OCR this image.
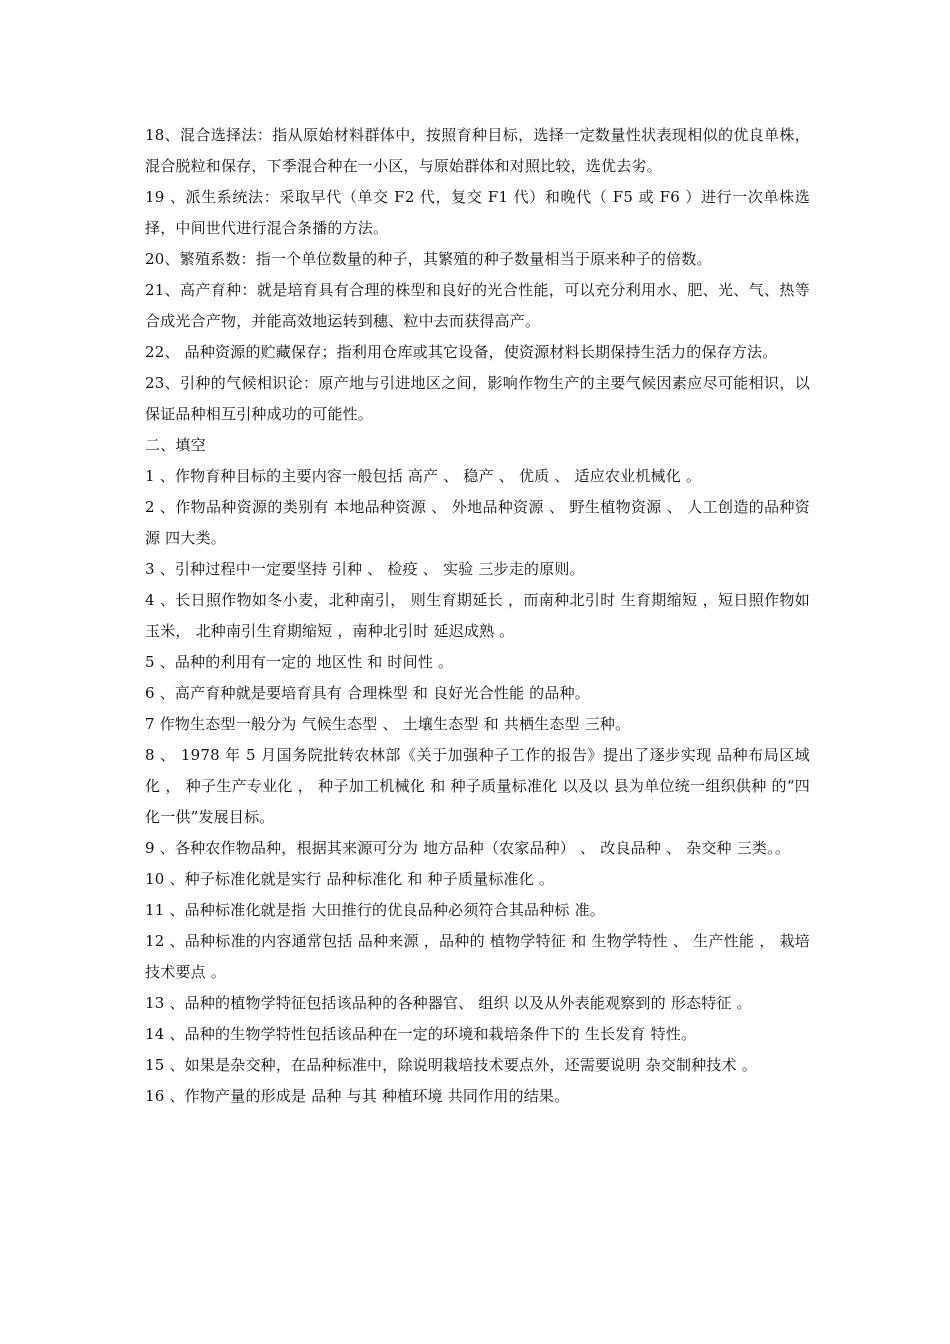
18、混合选择法：指从原始材料群体中，按照育种目标，选择一定数量性状表现相似的优良单株，混合脱粒和保存，下季混合种在一小区，与原始群体和对照比较，选优去劣。

19 、派生系统法：采取早代（单交 F2 代，复交 F1 代）和晚代（ F5 或 F6 ）进行一次单株选择，中间世代进行混合条播的方法。

20、繁殖系数：指一个单位数量的种子，其繁殖的种子数量相当于原来种子的倍数。

21、高产育种：就是培育具有合理的株型和良好的光合性能，可以充分利用水、肥、光、气、热等合成光合产物，并能高效地运转到穗、粒中去而获得高产。

22、 品种资源的贮藏保存；指利用仓库或其它设备，使资源材料长期保持生活力的保存方法。

23、引种的气候相识论：原产地与引进地区之间，影响作物生产的主要气候因素应尽可能相识，以保证品种相互引种成功的可能性。

二、填空

1 、作物育种目标的主要内容一般包括 高产 、 稳产 、 优质 、 适应农业机械化 。

2 、作物品种资源的类别有 本地品种资源 、 外地品种资源 、 野生植物资源 、 人工创造的品种资源 四大类。

3 、引种过程中一定要坚持 引种 、 检疫 、 实验 三步走的原则。

4 、长日照作物如冬小麦，北种南引， 则生育期延长 ，而南种北引时 生育期缩短 ，短日照作物如玉米， 北种南引生育期缩短 ，南种北引时 延迟成熟 。

5 、品种的利用有一定的 地区性 和 时间性 。

6 、高产育种就是要培育具有 合理株型 和 良好光合性能 的品种。

7 作物生态型一般分为 气候生态型 、 土壤生态型 和 共栖生态型 三种。

8 、 1978 年 5 月国务院批转农林部《关于加强种子工作的报告》提出了逐步实现 品种布局区域化 ， 种子生产专业化 ， 种子加工机械化 和 种子质量标准化 以及以 县为单位统一组织供种 的“四化一供”发展目标。

9 、各种农作物品种，根据其来源可分为 地方品种（农家品种） 、 改良品种 、 杂交种 三类。。

10 、种子标准化就是实行 品种标准化 和 种子质量标准化 。

11 、品种标准化就是指 大田推行的优良品种必须符合其品种标 准。

12 、品种标准的内容通常包括 品种来源 ，品种的 植物学特征 和 生物学特性 、 生产性能 ， 栽培技术要点 。

13 、品种的植物学特征包括该品种的各种器官、 组织 以及从外表能观察到的 形态特征 。

14 、品种的生物学特性包括该品种在一定的环境和栽培条件下的 生长发育 特性。

15 、如果是杂交种，在品种标准中，除说明栽培技术要点外，还需要说明 杂交制种技术 。

16 、作物产量的形成是 品种 与其 种植环境 共同作用的结果。
